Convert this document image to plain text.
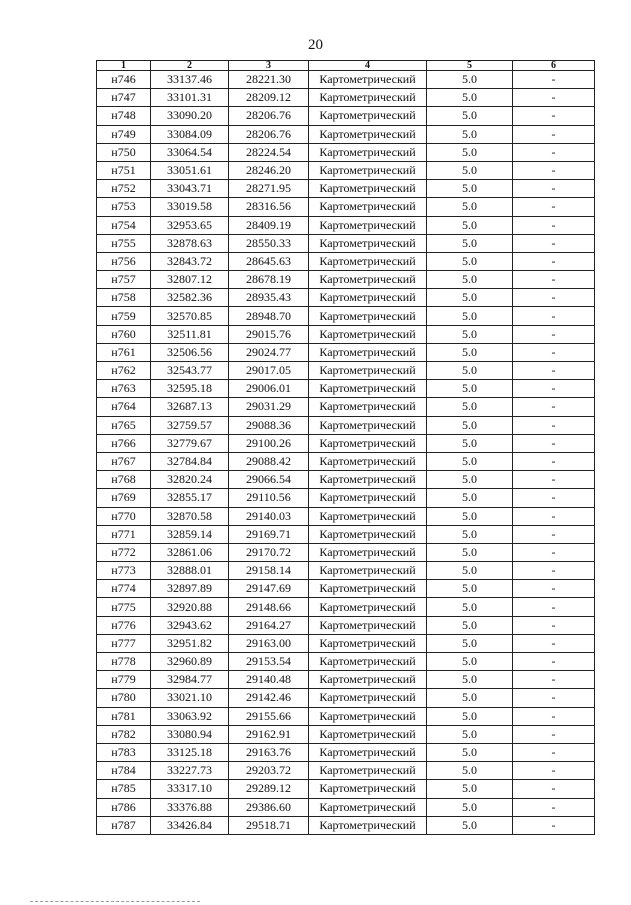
20
1	2	3	4	5	6
н746	33137.46	28221.30	Картометрический	5.0	-
н747	33101.31	28209.12	Картометрический	5.0	-
н748	33090.20	28206.76	Картометрический	5.0	-
н749	33084.09	28206.76	Картометрический	5.0	-
н750	33064.54	28224.54	Картометрический	5.0	-
н751	33051.61	28246.20	Картометрический	5.0	-
н752	33043.71	28271.95	Картометрический	5.0	-
н753	33019.58	28316.56	Картометрический	5.0	-
н754	32953.65	28409.19	Картометрический	5.0	-
н755	32878.63	28550.33	Картометрический	5.0	-
н756	32843.72	28645.63	Картометрический	5.0	-
н757	32807.12	28678.19	Картометрический	5.0	-
н758	32582.36	28935.43	Картометрический	5.0	-
н759	32570.85	28948.70	Картометрический	5.0	-
н760	32511.81	29015.76	Картометрический	5.0	-
н761	32506.56	29024.77	Картометрический	5.0	-
н762	32543.77	29017.05	Картометрический	5.0	-
н763	32595.18	29006.01	Картометрический	5.0	-
н764	32687.13	29031.29	Картометрический	5.0	-
н765	32759.57	29088.36	Картометрический	5.0	-
н766	32779.67	29100.26	Картометрический	5.0	-
н767	32784.84	29088.42	Картометрический	5.0	-
н768	32820.24	29066.54	Картометрический	5.0	-
н769	32855.17	29110.56	Картометрический	5.0	-
н770	32870.58	29140.03	Картометрический	5.0	-
н771	32859.14	29169.71	Картометрический	5.0	-
н772	32861.06	29170.72	Картометрический	5.0	-
н773	32888.01	29158.14	Картометрический	5.0	-
н774	32897.89	29147.69	Картометрический	5.0	-
н775	32920.88	29148.66	Картометрический	5.0	-
н776	32943.62	29164.27	Картометрический	5.0	-
н777	32951.82	29163.00	Картометрический	5.0	-
н778	32960.89	29153.54	Картометрический	5.0	-
н779	32984.77	29140.48	Картометрический	5.0	-
н780	33021.10	29142.46	Картометрический	5.0	-
н781	33063.92	29155.66	Картометрический	5.0	-
н782	33080.94	29162.91	Картометрический	5.0	-
н783	33125.18	29163.76	Картометрический	5.0	-
н784	33227.73	29203.72	Картометрический	5.0	-
н785	33317.10	29289.12	Картометрический	5.0	-
н786	33376.88	29386.60	Картометрический	5.0	-
н787	33426.84	29518.71	Картометрический	5.0	-
